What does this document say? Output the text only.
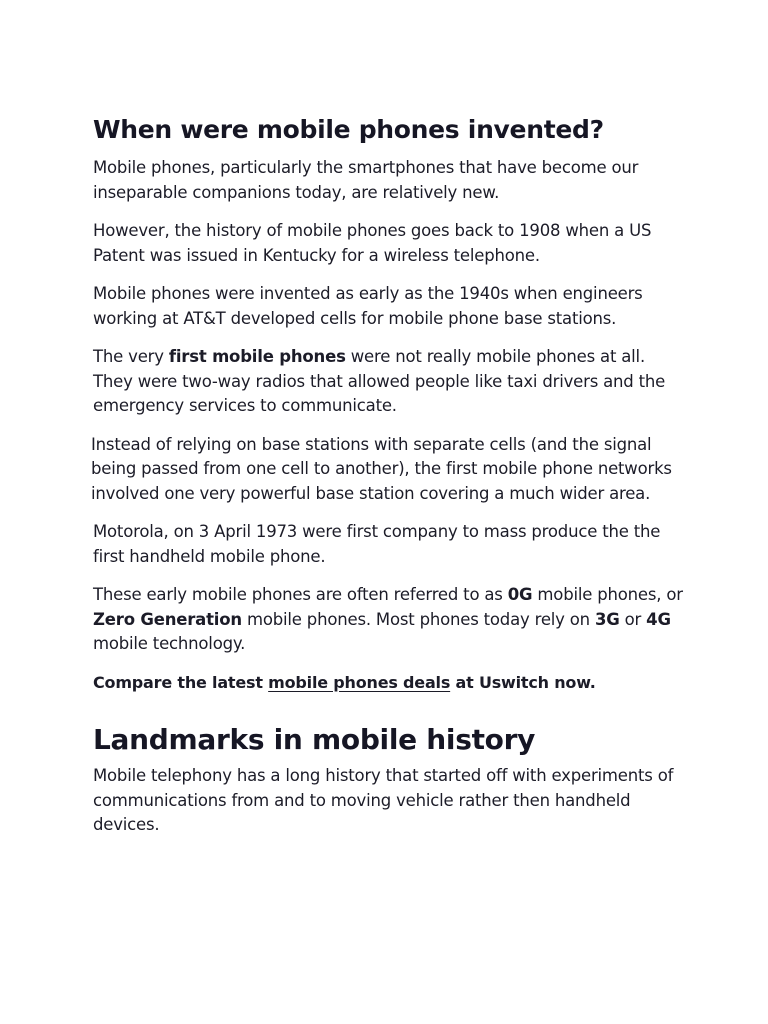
When were mobile phones invented?

Mobile phones, particularly the smartphones that have become our inseparable companions today, are relatively new.

However, the history of mobile phones goes back to 1908 when a US Patent was issued in Kentucky for a wireless telephone.

Mobile phones were invented as early as the 1940s when engineers working at AT&T developed cells for mobile phone base stations.

The very first mobile phones were not really mobile phones at all. They were two-way radios that allowed people like taxi drivers and the emergency services to communicate.

Instead of relying on base stations with separate cells (and the signal being passed from one cell to another), the first mobile phone networks involved one very powerful base station covering a much wider area.

Motorola, on 3 April 1973 were first company to mass produce the the first handheld mobile phone.

These early mobile phones are often referred to as 0G mobile phones, or Zero Generation mobile phones. Most phones today rely on 3G or 4G mobile technology.

Compare the latest mobile phones deals at Uswitch now.

Landmarks in mobile history

Mobile telephony has a long history that started off with experiments of communications from and to moving vehicle rather then handheld devices.
